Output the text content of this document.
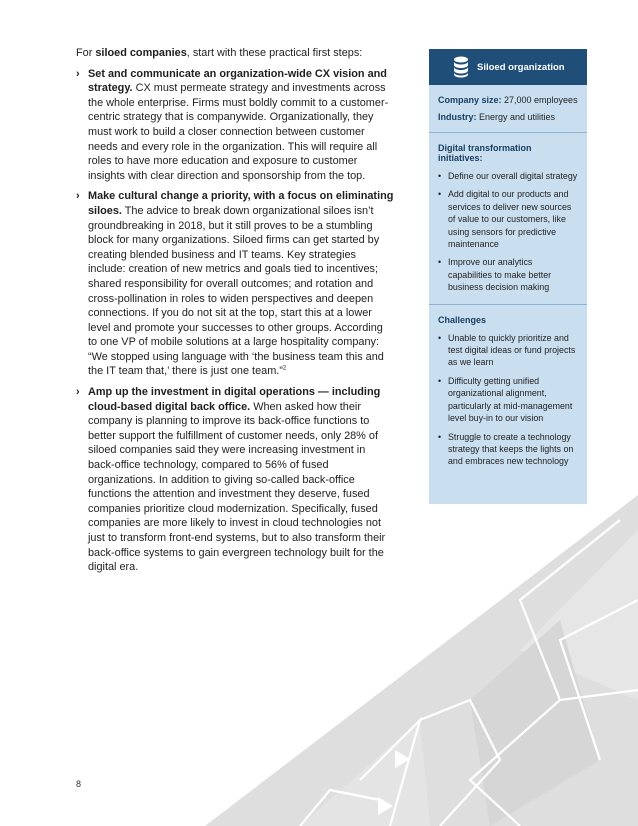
For siloed companies, start with these practical first steps:

› Set and communicate an organization-wide CX vision and strategy. CX must permeate strategy and investments across the whole enterprise. Firms must boldly commit to a customer-centric strategy that is companywide. Organizationally, they must work to build a closer connection between customer needs and every role in the organization. This will require all roles to have more education and exposure to customer insights with clear direction and sponsorship from the top.
› Make cultural change a priority, with a focus on eliminating siloes. The advice to break down organizational siloes isn’t groundbreaking in 2018, but it still proves to be a stumbling block for many organizations. Siloed firms can get started by creating blended business and IT teams. Key strategies include: creation of new metrics and goals tied to incentives; shared responsibility for overall outcomes; and rotation and cross-pollination in roles to widen perspectives and deepen connections. If you do not sit at the top, start this at a lower level and promote your successes to other groups. According to one VP of mobile solutions at a large hospitality company: “We stopped using language with ‘the business team this and the IT team that,’ there is just one team.”$^2$
› Amp up the investment in digital operations — including cloud-based digital back office. When asked how their company is planning to improve its back-office functions to better support the fulfillment of customer needs, only 28% of siloed companies said they were increasing investment in back-office technology, compared to 56% of fused organizations. In addition to giving so-called back-office functions the attention and investment they deserve, fused companies prioritize cloud modernization. Specifically, fused companies are more likely to invest in cloud technologies not just to transform front-end systems, but to also transform their back-office systems to gain evergreen technology built for the digital era.
Siloed organization
Company size: 27,000 employees
Industry: Energy and utilities
Digital transformation initiatives:
• Define our overall digital strategy
• Add digital to our products and services to deliver new sources of value to our customers, like using sensors for predictive maintenance
• Improve our analytics capabilities to make better business decision making
Challenges
• Unable to quickly prioritize and test digital ideas or fund projects as we learn
• Difficulty getting unified organizational alignment, particularly at mid-management level buy-in to our vision
• Struggle to create a technology strategy that keeps the lights on and embraces new technology
8
